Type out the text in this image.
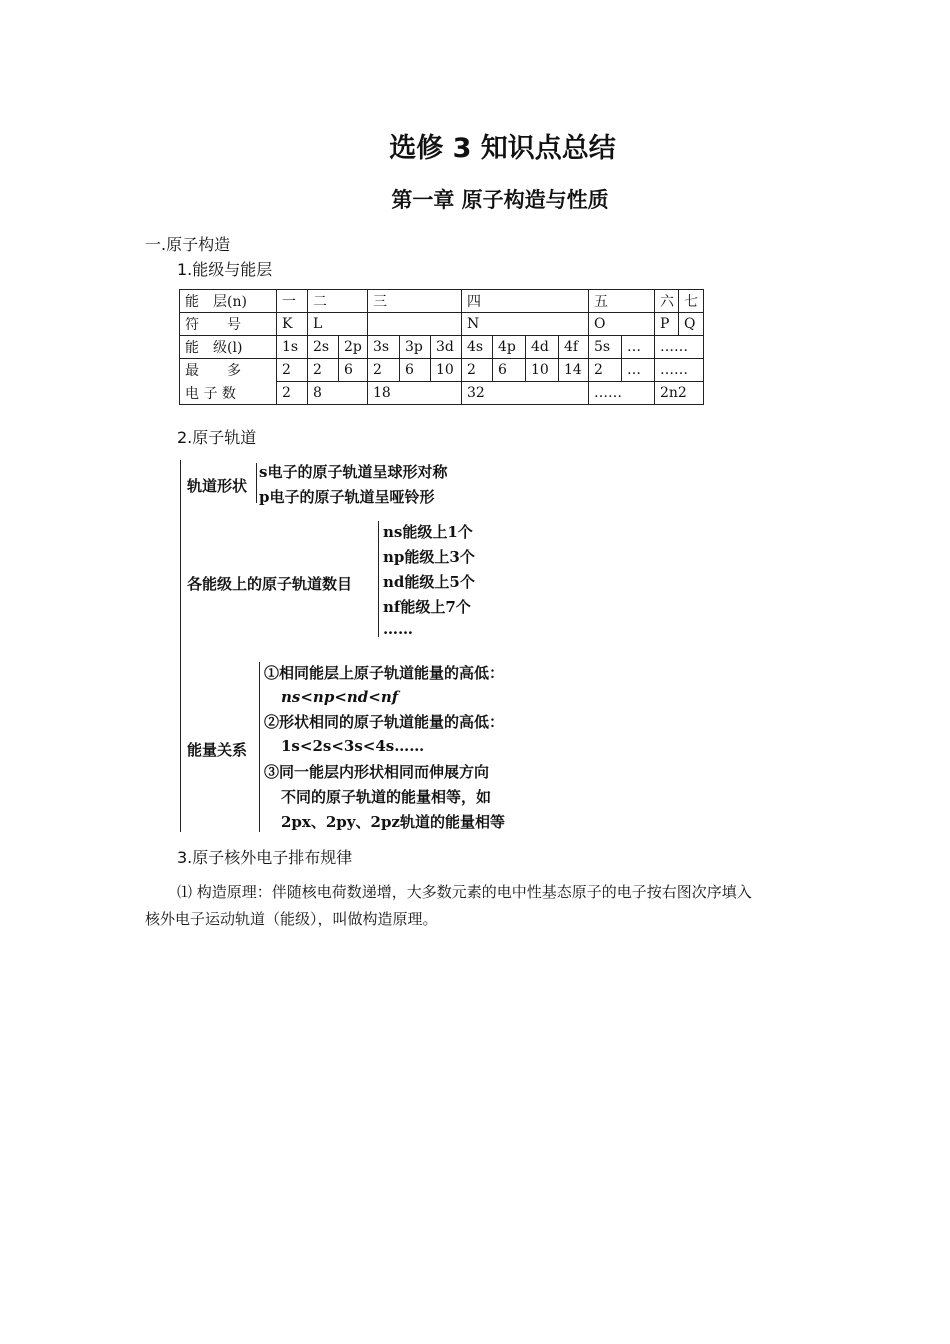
选修 3 知识点总结
第一章 原子构造与性质
一.原子构造
1.能级与能层
能　层(n)	一	二		三			四				五		六	七
符　　号	K	L					N				O		P	Q
能　级(l)	1s	2s	2p	3s	3p	3d	4s	4p	4d	4f	5s	…	……	
最　　多	2	2	6	2	6	10	2	6	10	14	2	…	……	
电 子 数	2	8		18			32				……		2n2	
2.原子轨道
轨道形状
s电子的原子轨道呈球形对称
p电子的原子轨道呈哑铃形
各能级上的原子轨道数目
ns能级上1个
np能级上3个
nd能级上5个
nf能级上7个
……
能量关系
①相同能层上原子轨道能量的高低：
ns<np<nd<nf
②形状相同的原子轨道能量的高低：
1s<2s<3s<4s……
③同一能层内形状相同而伸展方向
不同的原子轨道的能量相等，如
2px、2py、2pz轨道的能量相等
3.原子核外电子排布规律
⑴ 构造原理：伴随核电荷数递增，大多数元素的电中性基态原子的电子按右图次序填入
核外电子运动轨道（能级），叫做构造原理。
